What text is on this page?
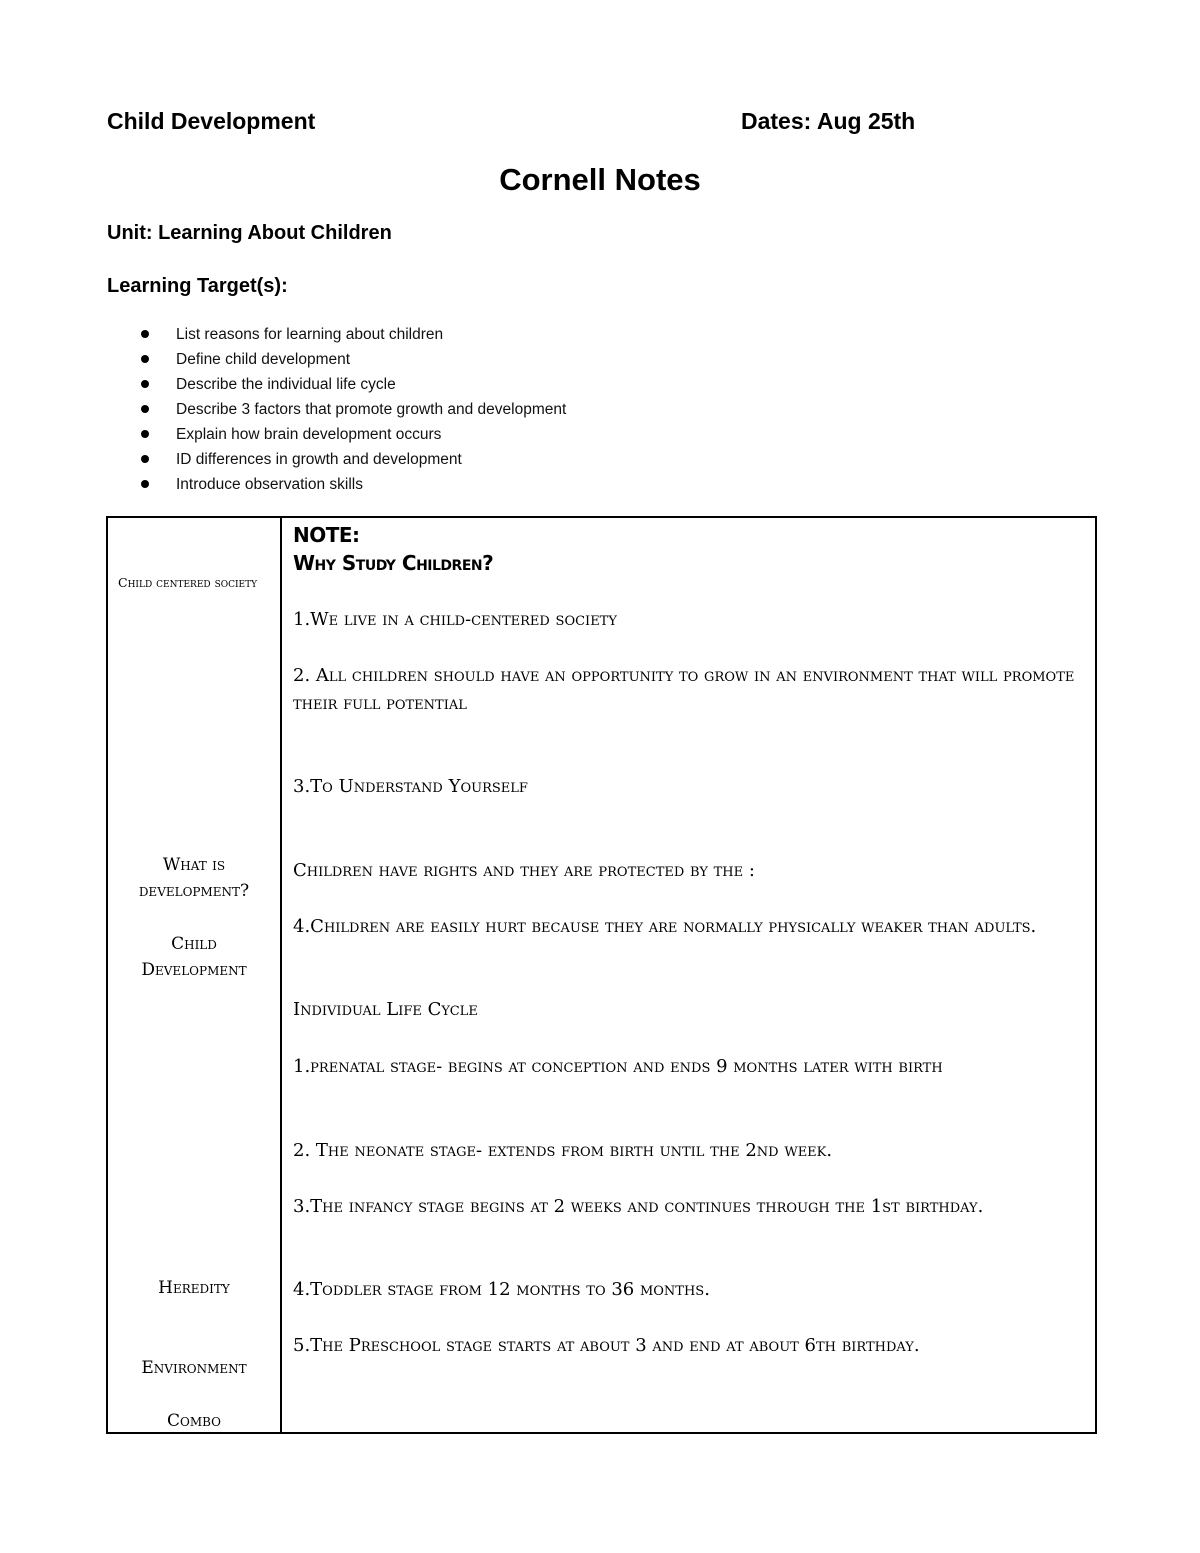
Child Development	Dates: Aug 25th
Cornell Notes
Unit: Learning About Children
Learning Target(s):
List reasons for learning about children
Define child development
Describe the individual life cycle
Describe 3 factors that promote growth and development
Explain how brain development occurs
ID differences in growth and development
Introduce observation skills
Child centered society
What is development?
Child Development
Heredity
Environment
Combo
NOTE:
Why Study Children?
1.We live in a child-centered society
2. All children should have an opportunity to grow in an environment that will promote their full potential
3.To Understand Yourself
Children have rights and they are protected by the :
4.Children are easily hurt because they are normally physically weaker than adults.
Individual Life Cycle
1.prenatal stage- begins at conception and ends 9 months later with birth
2. The neonate stage- extends from birth until the 2nd week.
3.The infancy stage begins at 2 weeks and continues through the 1st birthday.
4.Toddler stage from 12 months to 36 months.
5.The Preschool stage starts at about 3 and end at about 6th birthday.
